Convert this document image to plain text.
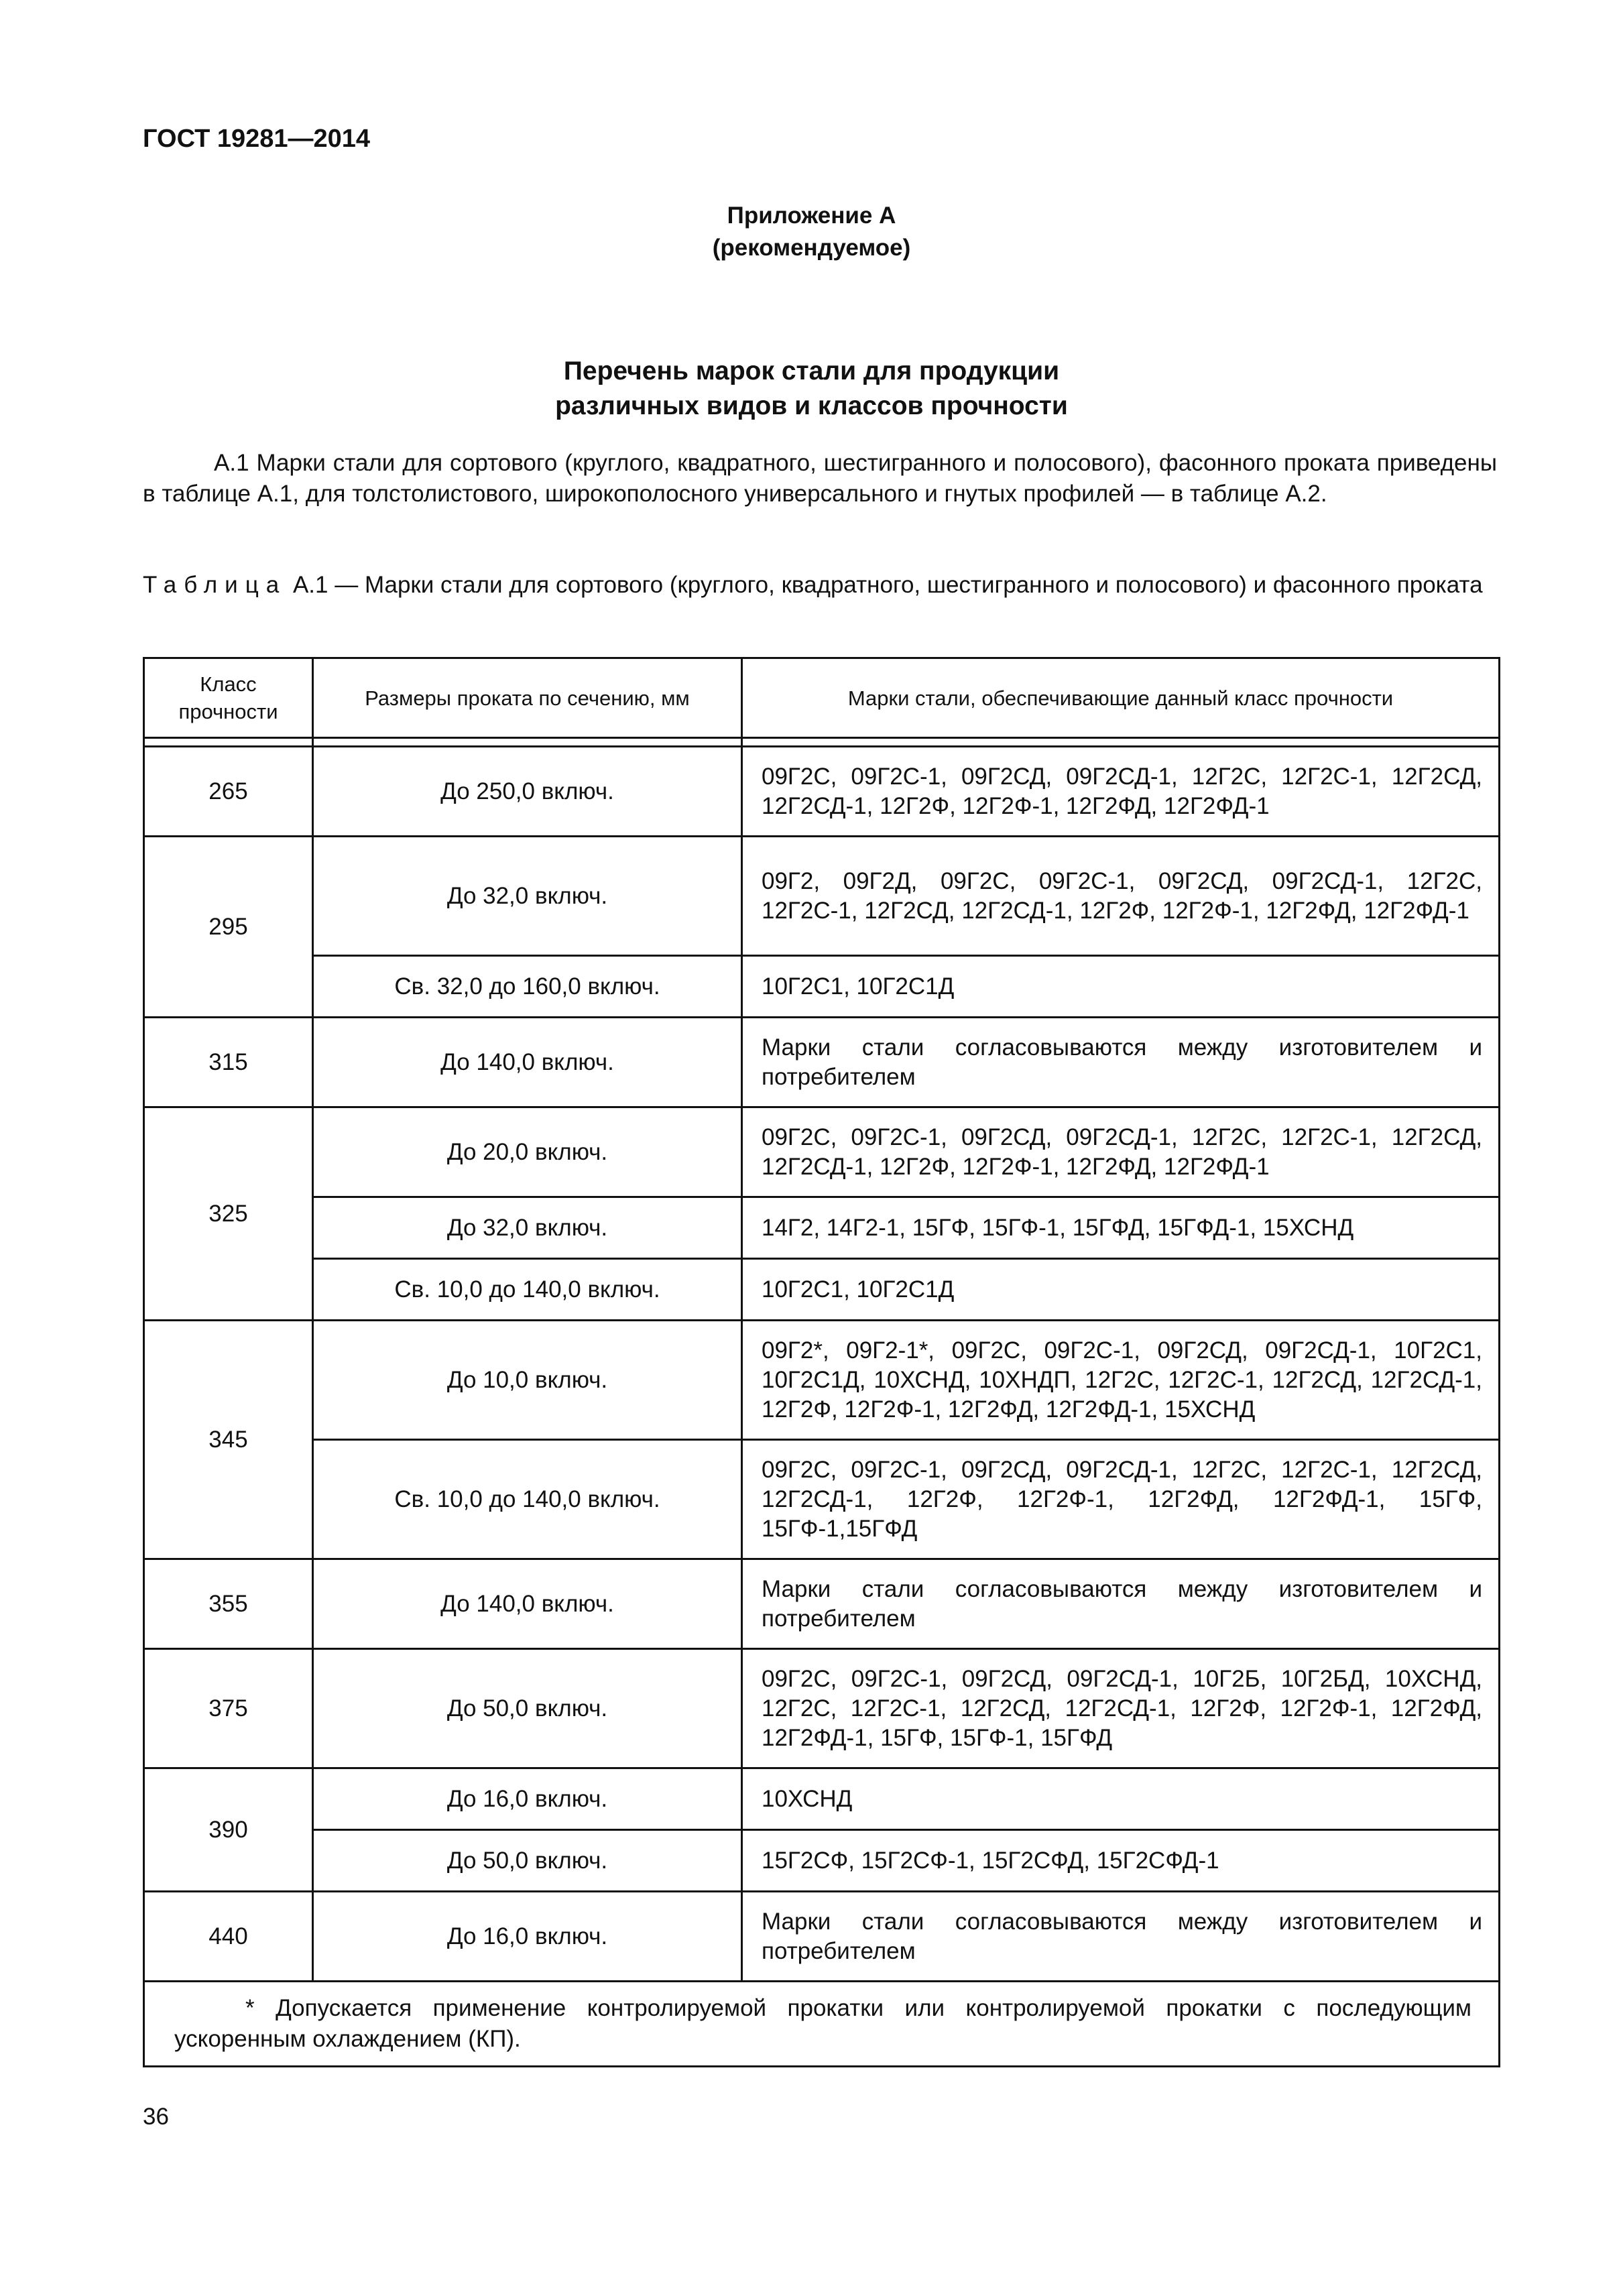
ГОСТ 19281—2014
Приложение А
(рекомендуемое)
Перечень марок стали для продукции
различных видов и классов прочности
А.1 Марки стали для сортового (круглого, квадратного, шестигранного и полосового), фасонного проката приведены в таблице А.1, для толстолистового, широкополосного универсального и гнутых профилей — в таблице А.2.
Таблица А.1 — Марки стали для сортового (круглого, квадратного, шестигранного и полосового) и фасонного проката
Класс прочности	Размеры проката по сечению, мм	Марки стали, обеспечивающие данный класс прочности

265	До 250,0 включ.	09Г2С, 09Г2С-1, 09Г2СД, 09Г2СД-1, 12Г2С, 12Г2С-1, 12Г2СД, 12Г2СД-1, 12Г2Ф, 12Г2Ф-1, 12Г2ФД, 12Г2ФД-1
295	До 32,0 включ.	09Г2, 09Г2Д, 09Г2С, 09Г2С-1, 09Г2СД, 09Г2СД-1, 12Г2С, 12Г2С-1, 12Г2СД, 12Г2СД-1, 12Г2Ф, 12Г2Ф-1, 12Г2ФД, 12Г2ФД-1
	Св. 32,0 до 160,0 включ.	10Г2С1, 10Г2С1Д
315	До 140,0 включ.	Марки стали согласовываются между изготовителем и потребителем
325	До 20,0 включ.	09Г2С, 09Г2С-1, 09Г2СД, 09Г2СД-1, 12Г2С, 12Г2С-1, 12Г2СД, 12Г2СД-1, 12Г2Ф, 12Г2Ф-1, 12Г2ФД, 12Г2ФД-1
	До 32,0 включ.	14Г2, 14Г2-1, 15ГФ, 15ГФ-1, 15ГФД, 15ГФД-1, 15ХСНД
	Св. 10,0 до 140,0 включ.	10Г2С1, 10Г2С1Д
345	До 10,0 включ.	09Г2*, 09Г2-1*, 09Г2С, 09Г2С-1, 09Г2СД, 09Г2СД-1, 10Г2С1, 10Г2С1Д, 10ХСНД, 10ХНДП, 12Г2С, 12Г2С-1, 12Г2СД, 12Г2СД-1, 12Г2Ф, 12Г2Ф-1, 12Г2ФД, 12Г2ФД-1, 15ХСНД
	Св. 10,0 до 140,0 включ.	09Г2С, 09Г2С-1, 09Г2СД, 09Г2СД-1, 12Г2С, 12Г2С-1, 12Г2СД, 12Г2СД-1, 12Г2Ф, 12Г2Ф-1, 12Г2ФД, 12Г2ФД-1, 15ГФ, 15ГФ-1,15ГФД
355	До 140,0 включ.	Марки стали согласовываются между изготовителем и потребителем
375	До 50,0 включ.	09Г2С, 09Г2С-1, 09Г2СД, 09Г2СД-1, 10Г2Б, 10Г2БД, 10ХСНД, 12Г2С, 12Г2С-1, 12Г2СД, 12Г2СД-1, 12Г2Ф, 12Г2Ф-1, 12Г2ФД, 12Г2ФД-1, 15ГФ, 15ГФ-1, 15ГФД
390	До 16,0 включ.	10ХСНД
	До 50,0 включ.	15Г2СФ, 15Г2СФ-1, 15Г2СФД, 15Г2СФД-1
440	До 16,0 включ.	Марки стали согласовываются между изготовителем и потребителем
* Допускается применение контролируемой прокатки или контролируемой прокатки с последующим ускоренным охлаждением (КП).		
36
